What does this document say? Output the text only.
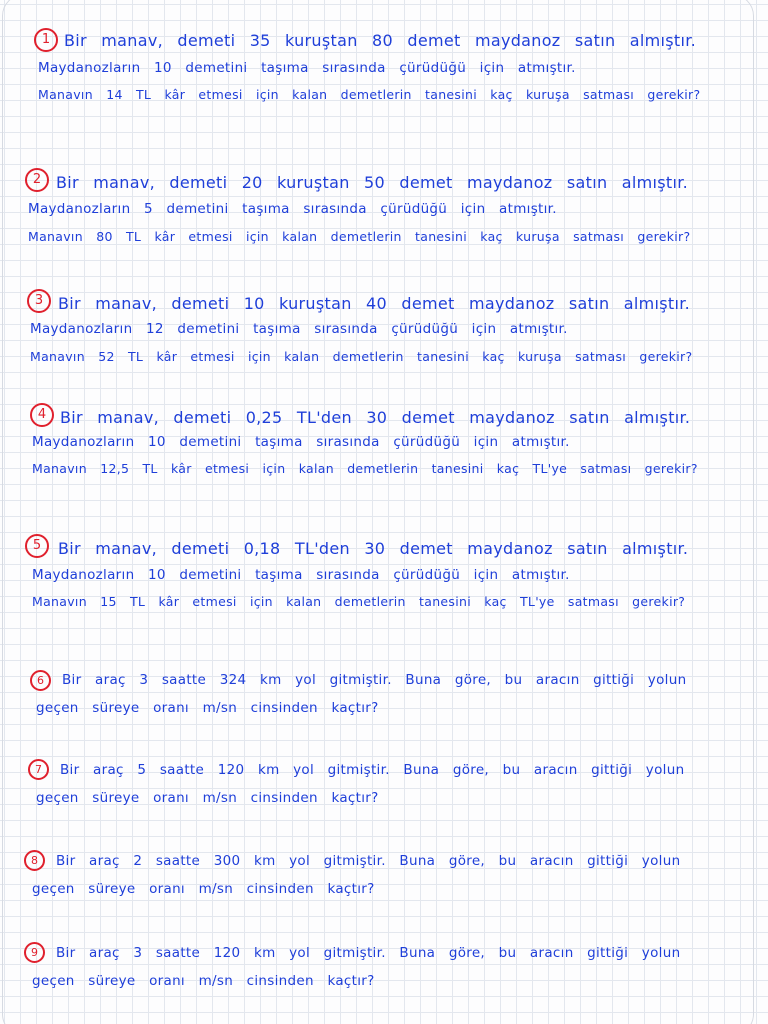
1 Bir manav, demeti 35 kuruştan 80 demet maydanoz satın almıştır.
Maydanozların 10 demetini taşıma sırasında çürüdüğü için atmıştır.
Manavın 14 TL kâr etmesi için kalan demetlerin tanesini kaç kuruşa satması gerekir?
2 Bir manav, demeti 20 kuruştan 50 demet maydanoz satın almıştır.
Maydanozların 5 demetini taşıma sırasında çürüdüğü için atmıştır.
Manavın 80 TL kâr etmesi için kalan demetlerin tanesini kaç kuruşa satması gerekir?
3 Bir manav, demeti 10 kuruştan 40 demet maydanoz satın almıştır.
Maydanozların 12 demetini taşıma sırasında çürüdüğü için atmıştır.
Manavın 52 TL kâr etmesi için kalan demetlerin tanesini kaç kuruşa satması gerekir?
4 Bir manav, demeti 0,25 TL'den 30 demet maydanoz satın almıştır.
Maydanozların 10 demetini taşıma sırasında çürüdüğü için atmıştır.
Manavın 12,5 TL kâr etmesi için kalan demetlerin tanesini kaç TL'ye satması gerekir?
5	Bir manav, demeti 0,18 TL'den 30 demet maydanoz satın almıştır.
Maydanozların 10 demetini taşıma sırasında çürüdüğü için atmıştır.
Manavın 15 TL kâr etmesi için kalan demetlerin tanesini kaç TL'ye satması gerekir?
6	Bir araç 3 saatte 324 km yol gitmiştir. Buna göre, bu aracın gittiği yolun
geçen süreye oranı m/sn cinsinden kaçtır?
7	Bir araç 5 saatte 120 km yol gitmiştir. Buna göre, bu aracın gittiği yolun
geçen süreye oranı m/sn cinsinden kaçtır?
8	Bir araç 2 saatte 300 km yol gitmiştir. Buna göre, bu aracın gittiği yolun
geçen süreye oranı m/sn cinsinden kaçtır?
9	Bir araç 3 saatte 120 km yol gitmiştir. Buna göre, bu aracın gittiği yolun
geçen süreye oranı m/sn cinsinden kaçtır?
